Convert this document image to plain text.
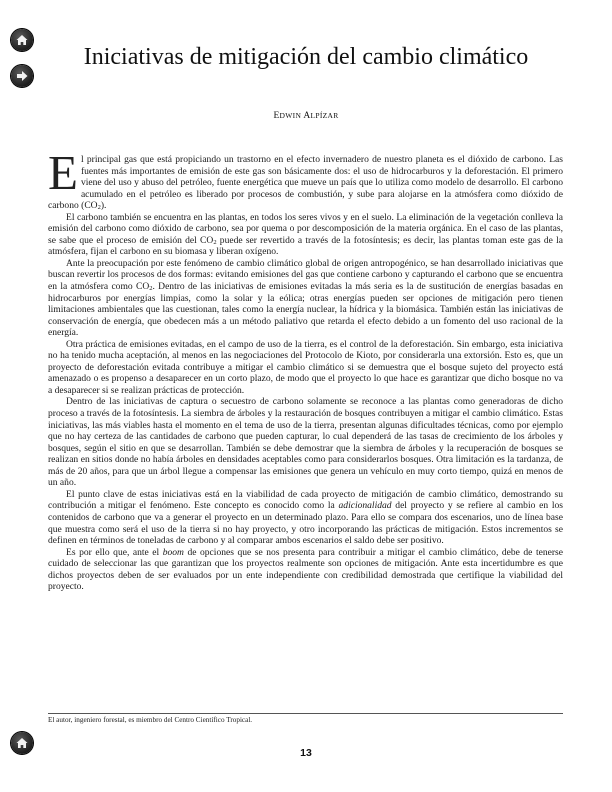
Iniciativas de mitigación del cambio climático
EDWIN ALPÍZAR

El principal gas que está propiciando un trastorno en el efecto invernadero de nuestro planeta es el dióxido de carbono. Las fuentes más importantes de emisión de este gas son básicamente dos: el uso de hidrocarburos y la deforestación. El primero viene del uso y abuso del petróleo, fuente energética que mueve un país que lo utiliza como modelo de desarrollo. El carbono acumulado en el petróleo es liberado por procesos de combustión, y sube para alojarse en la atmósfera como dióxido de carbono $(CO_2)$.

El carbono también se encuentra en las plantas, en todos los seres vivos y en el suelo. La eliminación de la vegetación conlleva la emisión del carbono como dióxido de carbono, sea por quema o por descomposición de la materia orgánica. En el caso de las plantas, se sabe que el proceso de emisión del $CO_2$ puede ser revertido a través de la fotosíntesis; es decir, las plantas toman este gas de la atmósfera, fijan el carbono en su biomasa y liberan oxígeno.

Ante la preocupación por este fenómeno de cambio climático global de origen antropogénico, se han desarrollado iniciativas que buscan revertir los procesos de dos formas: evitando emisiones del gas que contiene carbono y capturando el carbono que se encuentra en la atmósfera como $CO_2$. Dentro de las iniciativas de emisiones evitadas la más seria es la de sustitución de energías basadas en hidrocarburos por energías limpias, como la solar y la eólica; otras energías pueden ser opciones de mitigación pero tienen limitaciones ambientales que las cuestionan, tales como la energía nuclear, la hídrica y la biomásica. También están las iniciativas de conservación de energía, que obedecen más a un método paliativo que retarda el efecto debido a un fomento del uso racional de la energía.

Otra práctica de emisiones evitadas, en el campo de uso de la tierra, es el control de la deforestación. Sin embargo, esta iniciativa no ha tenido mucha aceptación, al menos en las negociaciones del Protocolo de Kioto, por considerarla una extorsión. Esto es, que un proyecto de deforestación evitada contribuye a mitigar el cambio climático si se demuestra que el bosque sujeto del proyecto está amenazado o es propenso a desaparecer en un corto plazo, de modo que el proyecto lo que hace es garantizar que dicho bosque no va a desaparecer si se realizan prácticas de protección.

Dentro de las iniciativas de captura o secuestro de carbono solamente se reconoce a las plantas como generadoras de dicho proceso a través de la fotosíntesis. La siembra de árboles y la restauración de bosques contribuyen a mitigar el cambio climático. Estas iniciativas, las más viables hasta el momento en el tema de uso de la tierra, presentan algunas dificultades técnicas, como por ejemplo que no hay certeza de las cantidades de carbono que pueden capturar, lo cual dependerá de las tasas de crecimiento de los árboles y bosques, según el sitio en que se desarrollan. También se debe demostrar que la siembra de árboles y la recuperación de bosques se realizan en sitios donde no había árboles en densidades aceptables como para considerarlos bosques. Otra limitación es la tardanza, de más de 20 años, para que un árbol llegue a compensar las emisiones que genera un vehículo en muy corto tiempo, quizá en menos de un año.

El punto clave de estas iniciativas está en la viabilidad de cada proyecto de mitigación de cambio climático, demostrando su contribución a mitigar el fenómeno. Este concepto es conocido como la adicionalidad del proyecto y se refiere al cambio en los contenidos de carbono que va a generar el proyecto en un determinado plazo. Para ello se compara dos escenarios, uno de línea base que muestra como será el uso de la tierra si no hay proyecto, y otro incorporando las prácticas de mitigación. Estos incrementos se definen en términos de toneladas de carbono y al comparar ambos escenarios el saldo debe ser positivo.

Es por ello que, ante el boom de opciones que se nos presenta para contribuir a mitigar el cambio climático, debe de tenerse cuidado de seleccionar las que garantizan que los proyectos realmente son opciones de mitigación. Ante esta incertidumbre es que dichos proyectos deben de ser evaluados por un ente independiente con credibilidad demostrada que certifique la viabilidad del proyecto.

El autor, ingeniero forestal, es miembro del Centro Científico Tropical.
13
